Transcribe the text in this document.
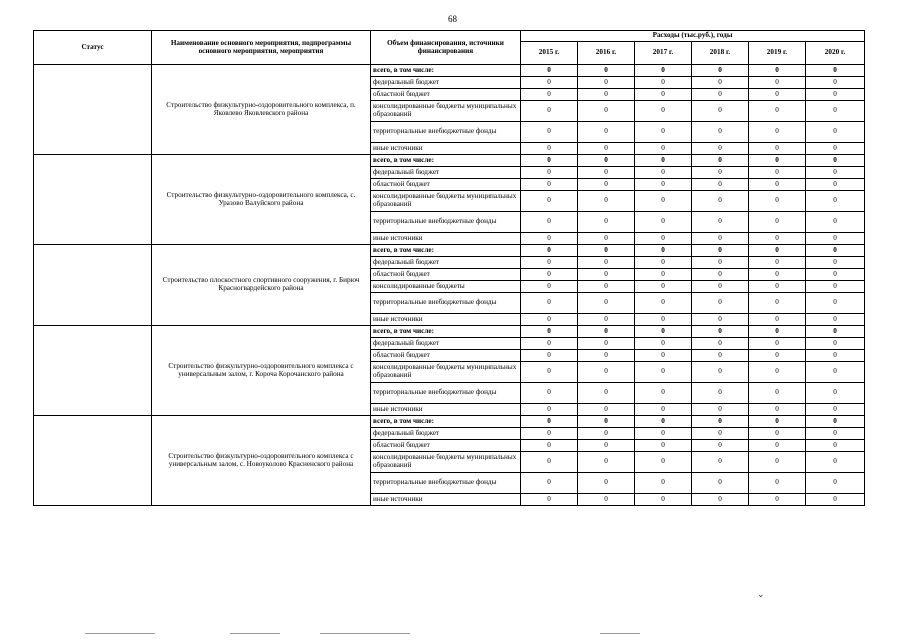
68
Статус	Наименование основного мероприятия, подпрограммы основного мероприятия, мероприятия	Объем финансирования, источники финансирования	Расходы (тыс.руб.), годы					
			2015 г.	2016 г.	2017 г.	2018 г.	2019 г.	2020 г.
	Строительство физкультурно-оздоровительного комплекса, п. Яковлево Яковлевского района	всего, в том числе:	0	0	0	0	0	0
		федеральный бюджет	0	0	0	0	0	0
		областной бюджет	0	0	0	0	0	0
		консолидированные бюджеты муниципальных образований	0	0	0	0	0	0
		территориальные внебюджетные фонды	0	0	0	0	0	0
		иные источники	0	0	0	0	0	0
	Строительство физкультурно-оздоровительного комплекса, с. Уразово Валуйского района	всего, в том числе:	0	0	0	0	0	0
		федеральный бюджет	0	0	0	0	0	0
		областной бюджет	0	0	0	0	0	0
		консолидированные бюджеты муниципальных образований	0	0	0	0	0	0
		территориальные внебюджетные фонды	0	0	0	0	0	0
		иные источники	0	0	0	0	0	0
	Строительство плоскостного спортивного сооружения, г. Бирюч Красногвардейского района	всего, в том числе:	0	0	0	0	0	0
		федеральный бюджет	0	0	0	0	0	0
		областной бюджет	0	0	0	0	0	0
		консолидированные бюджеты	0	0	0	0	0	0
		территориальные внебюджетные фонды	0	0	0	0	0	0
		иные источники	0	0	0	0	0	0
	Строительство физкультурно-оздоровительного комплекса с универсальным залом, г. Короча Корочанского района	всего, в том числе:	0	0	0	0	0	0
		федеральный бюджет	0	0	0	0	0	0
		областной бюджет	0	0	0	0	0	0
		консолидированные бюджеты муниципальных образований	0	0	0	0	0	0
		территориальные внебюджетные фонды	0	0	0	0	0	0
		иные источники	0	0	0	0	0	0
	Строительство физкультурно-оздоровительного комплекса с универсальным залом, с. Новоуколово Красненского района	всего, в том числе:	0	0	0	0	0	0
		федеральный бюджет	0	0	0	0	0	0
		областной бюджет	0	0	0	0	0	0
		консолидированные бюджеты муниципальных образований	0	0	0	0	0	0
		территориальные внебюджетные фонды	0	0	0	0	0	0
		иные источники	0	0	0	0	0	0
⌄
